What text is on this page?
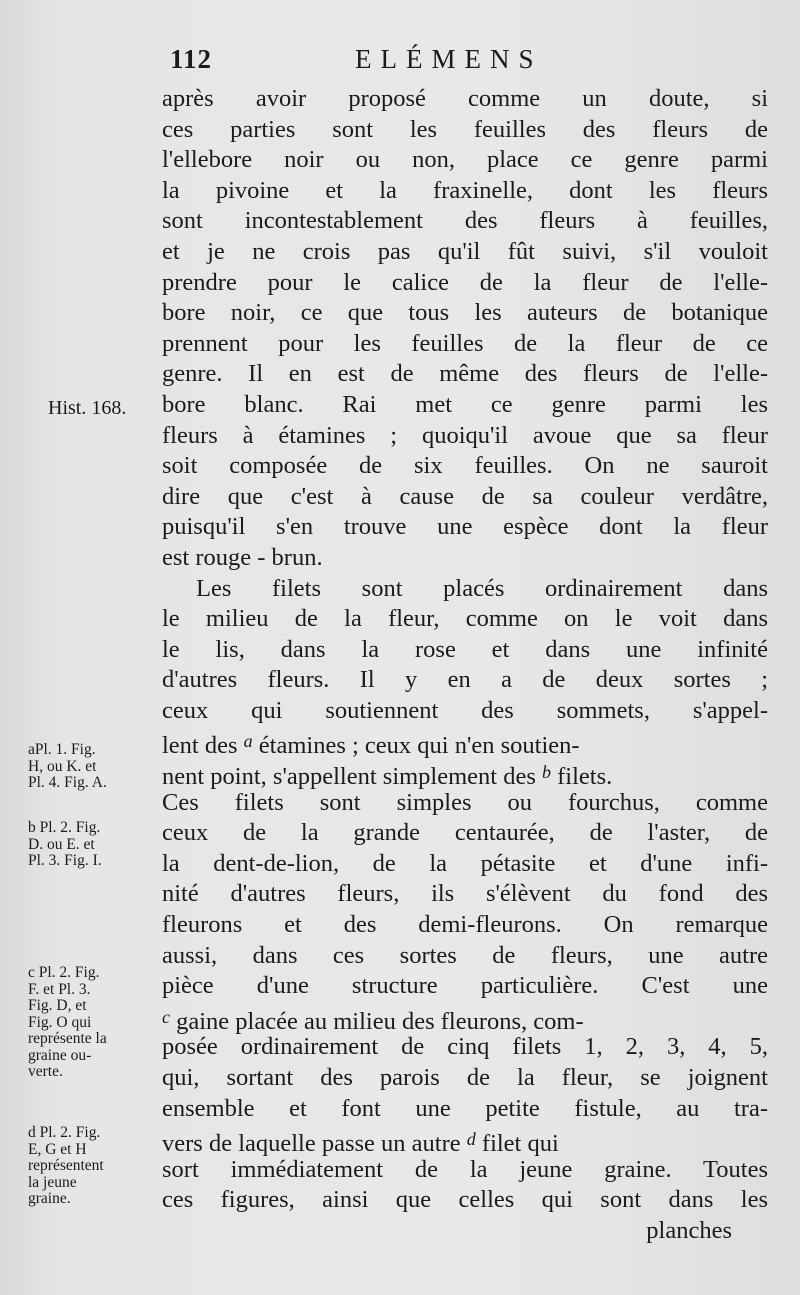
112	ELÉMENS
après avoir proposé comme un doute, si
ces parties sont les feuilles des fleurs de
l'ellebore noir ou non, place ce genre parmi
la pivoine et la fraxinelle, dont les fleurs
sont incontestablement des fleurs à feuilles,
et je ne crois pas qu'il fût suivi, s'il vouloit
prendre pour le calice de la fleur de l'elle-
bore noir, ce que tous les auteurs de botanique
prennent pour les feuilles de la fleur de ce
genre. Il en est de même des fleurs de l'elle-
bore blanc. Rai met ce genre parmi les
fleurs à étamines ; quoiqu'il avoue que sa fleur
soit composée de six feuilles. On ne sauroit
dire que c'est à cause de sa couleur verdâtre,
puisqu'il s'en trouve une espèce dont la fleur
est rouge - brun.
Les filets sont placés ordinairement dans
le milieu de la fleur, comme on le voit dans
le lis, dans la rose et dans une infinité
d'autres fleurs. Il y en a de deux sortes ;
ceux qui soutiennent des sommets, s'appel-
lent des $^a$ étamines ; ceux qui n'en soutien-
nent point, s'appellent simplement des $^b$ filets.
Ces filets sont simples ou fourchus, comme
ceux de la grande centaurée, de l'aster, de
la dent-de-lion, de la pétasite et d'une infi-
nité d'autres fleurs, ils s'élèvent du fond des
fleurons et des demi-fleurons. On remarque
aussi, dans ces sortes de fleurs, une autre
pièce d'une structure particulière. C'est une
$^c$ gaine placée au milieu des fleurons, com-
posée ordinairement de cinq filets 1, 2, 3, 4, 5,
qui, sortant des parois de la fleur, se joignent
ensemble et font une petite fistule, au tra-
vers de laquelle passe un autre $^d$ filet qui
sort immédiatement de la jeune graine. Toutes
ces figures, ainsi que celles qui sont dans les
planches
Hist. 168.
aPl. 1. Fig.
H, ou K. et
Pl. 4. Fig. A.
b Pl. 2. Fig.
D. ou E. et
Pl. 3. Fig. I.
c Pl. 2. Fig.
F. et Pl. 3.
Fig. D, et
Fig. O qui
représente la
graine ou-
verte.
d Pl. 2. Fig.
E, G et H
représentent
la jeune
graine.
